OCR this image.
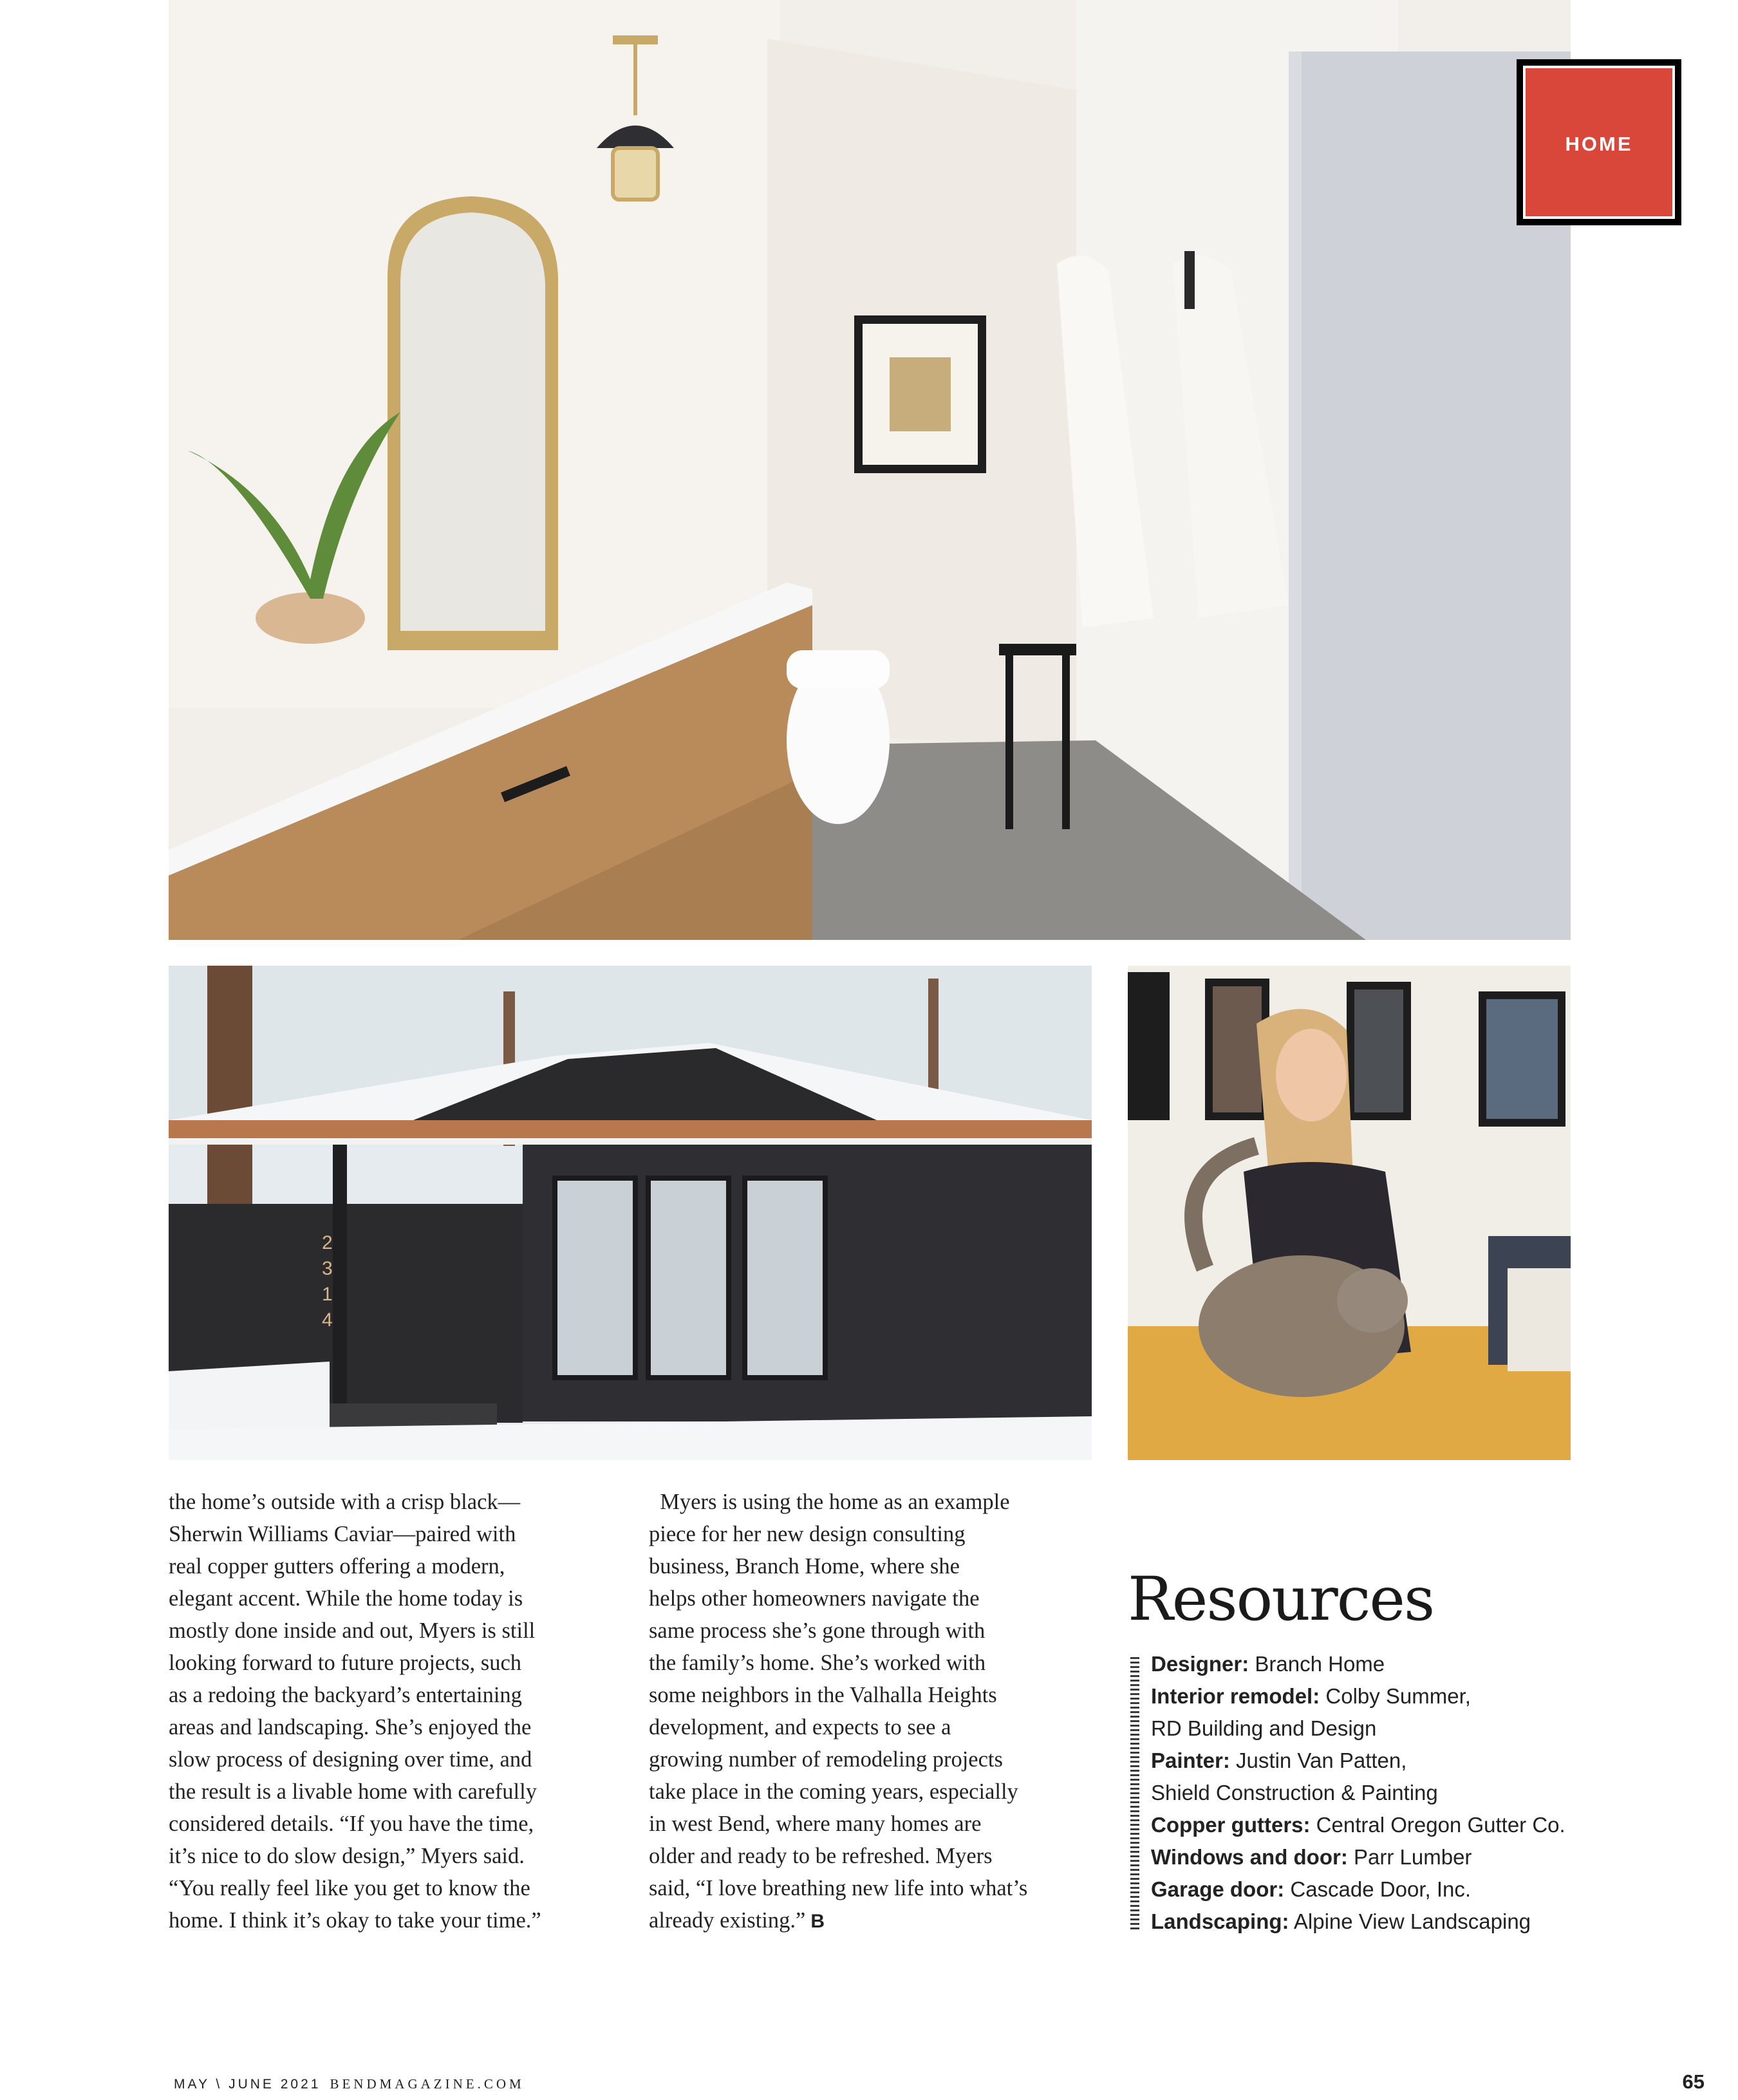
HOME
2
3
1
4
the home’s outside with a crisp black—
Sherwin Williams Caviar—paired with
real copper gutters offering a modern,
elegant accent. While the home today is
mostly done inside and out, Myers is still
looking forward to future projects, such
as a redoing the backyard’s entertaining
areas and landscaping. She’s enjoyed the
slow process of designing over time, and
the result is a livable home with carefully
considered details. “If you have the time,
it’s nice to do slow design,” Myers said.
“You really feel like you get to know the
home. I think it’s okay to take your time.”
Myers is using the home as an example
piece for her new design consulting
business, Branch Home, where she
helps other homeowners navigate the
same process she’s gone through with
the family’s home. She’s worked with
some neighbors in the Valhalla Heights
development, and expects to see a
growing number of remodeling projects
take place in the coming years, especially
in west Bend, where many homes are
older and ready to be refreshed. Myers
said, “I love breathing new life into what’s
already existing.” B
Resources
Designer: Branch Home
Interior remodel: Colby Summer,
RD Building and Design
Painter: Justin Van Patten,
Shield Construction & Painting
Copper gutters: Central Oregon Gutter Co.
Windows and door: Parr Lumber
Garage door: Cascade Door, Inc.
Landscaping: Alpine View Landscaping
MAY \ JUNE 2021 BENDMAGAZINE.COM	65
